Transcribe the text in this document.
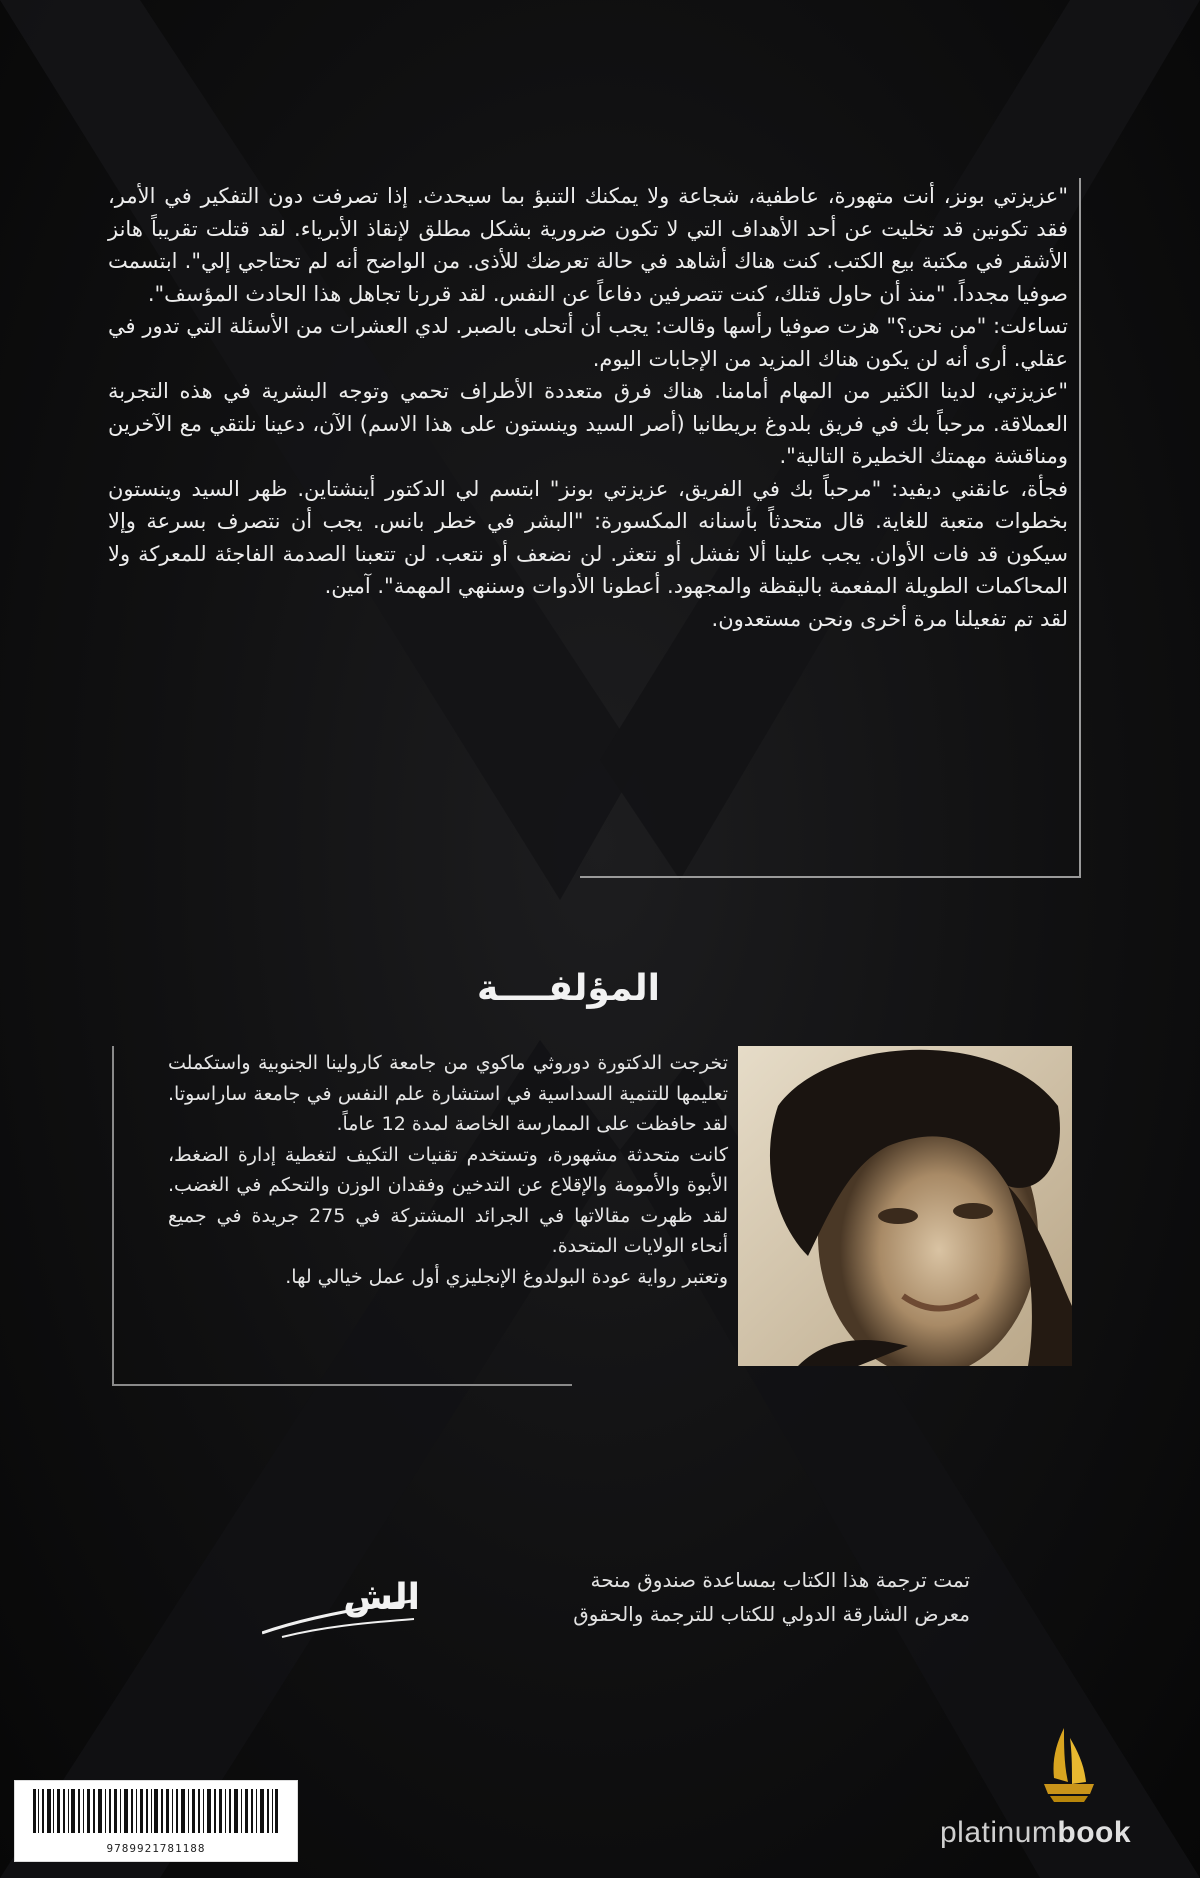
"عزيزتي بونز، أنت متهورة، عاطفية، شجاعة ولا يمكنك التنبؤ بما سيحدث. إذا تصرفت دون التفكير في الأمر، فقد تكونين قد تخليت عن أحد الأهداف التي لا تكون ضرورية بشكل مطلق لإنقاذ الأبرياء. لقد قتلت تقريباً هانز الأشقر في مكتبة بيع الكتب. كنت هناك أشاهد في حالة تعرضك للأذى. من الواضح أنه لم تحتاجي إلي". ابتسمت صوفيا مجدداً. "منذ أن حاول قتلك، كنت تتصرفين دفاعاً عن النفس. لقد قررنا تجاهل هذا الحادث المؤسف".

تساءلت: "من نحن؟" هزت صوفيا رأسها وقالت: يجب أن أتحلى بالصبر. لدي العشرات من الأسئلة التي تدور في عقلي. أرى أنه لن يكون هناك المزيد من الإجابات اليوم.

"عزيزتي، لدينا الكثير من المهام أمامنا. هناك فرق متعددة الأطراف تحمي وتوجه البشرية في هذه التجربة العملاقة. مرحباً بك في فريق بلدوغ بريطانيا (أصر السيد وينستون على هذا الاسم) الآن، دعينا نلتقي مع الآخرين ومناقشة مهمتك الخطيرة التالية".

فجأة، عانقني ديفيد: "مرحباً بك في الفريق، عزيزتي بونز" ابتسم لي الدكتور أينشتاين. ظهر السيد وينستون بخطوات متعبة للغاية. قال متحدثاً بأسنانه المكسورة: "البشر في خطر بانس. يجب أن نتصرف بسرعة وإلا سيكون قد فات الأوان. يجب علينا ألا نفشل أو نتعثر. لن نضعف أو نتعب. لن تتعبنا الصدمة الفاجئة للمعركة ولا المحاكمات الطويلة المفعمة باليقظة والمجهود. أعطونا الأدوات وسننهي المهمة". آمين.

لقد تم تفعيلنا مرة أخرى ونحن مستعدون.

المؤلفــــة

تخرجت الدكتورة دوروثي ماكوي من جامعة كارولينا الجنوبية واستكملت تعليمها للتنمية السداسية في استشارة علم النفس في جامعة ساراسوتا. لقد حافظت على الممارسة الخاصة لمدة 12 عاماً.

كانت متحدثة مشهورة، وتستخدم تقنيات التكيف لتغطية إدارة الضغط، الأبوة والأمومة والإقلاع عن التدخين وفقدان الوزن والتحكم في الغضب. لقد ظهرت مقالاتها في الجرائد المشتركة في 275 جريدة في جميع أنحاء الولايات المتحدة.

وتعتبر رواية عودة البولدوغ الإنجليزي أول عمل خيالي لها.

تمت ترجمة هذا الكتاب بمساعدة صندوق منحة

معرض الشارقة الدولي للكتاب للترجمة والحقوق

الش
9789921781188	platinumbook
